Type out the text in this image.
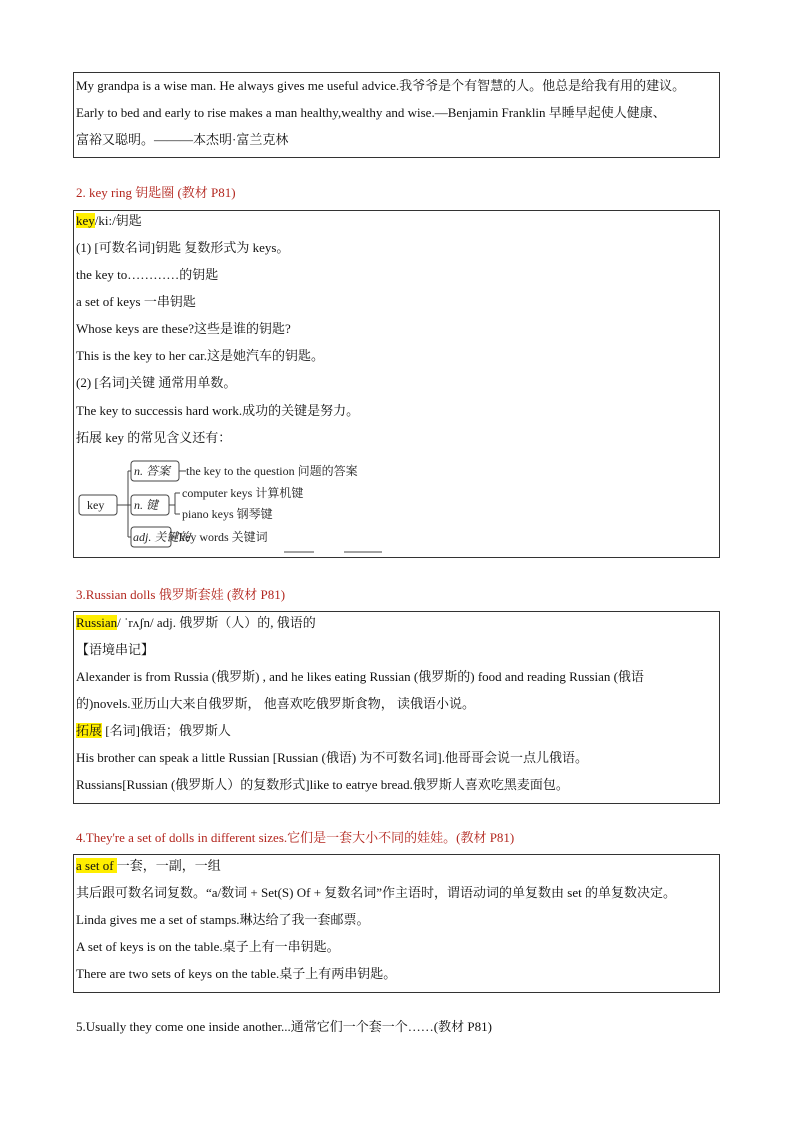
My grandpa is a wise man. He always gives me useful advice.我爷爷是个有智慧的人。他总是给我有用的建议。
Early to bed and early to rise makes a man healthy,wealthy and wise.—Benjamin Franklin 早睡早起使人健康、
富裕又聪明。———本杰明·富兰克林
2. key ring 钥匙圈 (教材 P81)
key/ki:/钥匙
(1) [可数名词]钥匙 复数形式为 keys。
the key to…………的钥匙
a set of keys 一串钥匙
Whose keys are these?这些是谁的钥匙?
This is the key to her car.这是她汽车的钥匙。
(2) [名词]关键 通常用单数。
The key to successis hard work.成功的关键是努力。
拓展 key 的常见含义还有：
key
n. 答案 the key to the question 问题的答案
n. 键
computer keys 计算机键
piano keys 钢琴键
adj. 关键的
key words 关键词
3.Russian dolls 俄罗斯套娃 (教材 P81)
Russian/ ˈrʌʃn/ adj. 俄罗斯（人）的, 俄语的
【语境串记】
Alexander is from Russia (俄罗斯) , and he likes eating Russian (俄罗斯的) food and reading Russian (俄语
的)novels.亚历山大来自俄罗斯， 他喜欢吃俄罗斯食物， 读俄语小说。
拓展 [名词]俄语；俄罗斯人
His brother can speak a little Russian [Russian (俄语) 为不可数名词].他哥哥会说一点儿俄语。
Russians[Russian (俄罗斯人）的复数形式]like to eatrye bread.俄罗斯人喜欢吃黑麦面包。
4.They're a set of dolls in different sizes.它们是一套大小不同的娃娃。(教材 P81)
a set of 一套，一副，一组
其后跟可数名词复数。“a/数词 + Set(S) Of + 复数名词”作主语时，谓语动词的单复数由 set 的单复数决定。
Linda gives me a set of stamps.琳达给了我一套邮票。
A set of keys is on the table.桌子上有一串钥匙。
There are two sets of keys on the table.桌子上有两串钥匙。
5.Usually they come one inside another...通常它们一个套一个……(教材 P81)
